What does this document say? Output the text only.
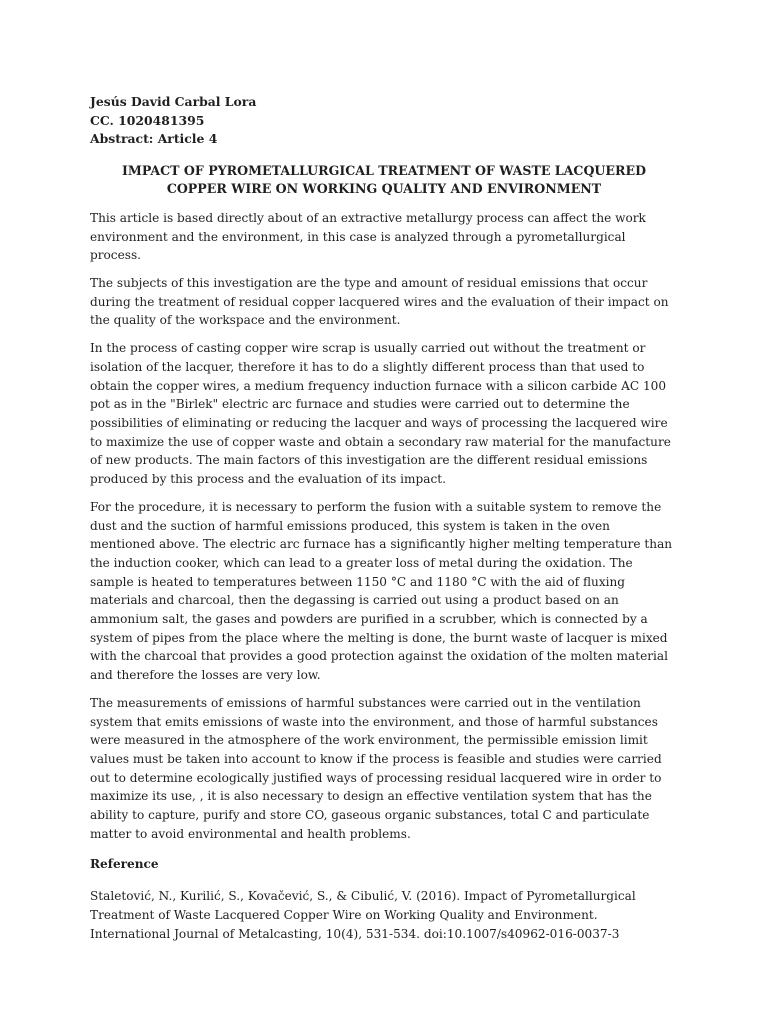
Jesús David Carbal Lora

CC. 1020481395

Abstract: Article 4

IMPACT OF PYROMETALLURGICAL TREATMENT OF WASTE LACQUERED COPPER WIRE ON WORKING QUALITY AND ENVIRONMENT

This article is based directly about of an extractive metallurgy process can affect the work environment and the environment, in this case is analyzed through a pyrometallurgical process.

The subjects of this investigation are the type and amount of residual emissions that occur during the treatment of residual copper lacquered wires and the evaluation of their impact on the quality of the workspace and the environment.

In the process of casting copper wire scrap is usually carried out without the treatment or isolation of the lacquer, therefore it has to do a slightly different process than that used to obtain the copper wires, a medium frequency induction furnace with a silicon carbide AC 100 pot as in the "Birlek" electric arc furnace and studies were carried out to determine the possibilities of eliminating or reducing the lacquer and ways of processing the lacquered wire to maximize the use of copper waste and obtain a secondary raw material for the manufacture of new products. The main factors of this investigation are the different residual emissions produced by this process and the evaluation of its impact.

For the procedure, it is necessary to perform the fusion with a suitable system to remove the dust and the suction of harmful emissions produced, this system is taken in the oven mentioned above. The electric arc furnace has a significantly higher melting temperature than the induction cooker, which can lead to a greater loss of metal during the oxidation. The sample is heated to temperatures between 1150 °C and 1180 °C with the aid of fluxing materials and charcoal, then the degassing is carried out using a product based on an ammonium salt, the gases and powders are purified in a scrubber, which is connected by a system of pipes from the place where the melting is done, the burnt waste of lacquer is mixed with the charcoal that provides a good protection against the oxidation of the molten material and therefore the losses are very low.

The measurements of emissions of harmful substances were carried out in the ventilation system that emits emissions of waste into the environment, and those of harmful substances were measured in the atmosphere of the work environment, the permissible emission limit values must be taken into account to know if the process is feasible and studies were carried out to determine ecologically justified ways of processing residual lacquered wire in order to maximize its use, , it is also necessary to design an effective ventilation system that has the ability to capture, purify and store CO, gaseous organic substances, total C and particulate matter to avoid environmental and health problems.

Reference

Staletović, N., Kurilić, S., Kovačević, S., & Cibulić, V. (2016). Impact of Pyrometallurgical Treatment of Waste Lacquered Copper Wire on Working Quality and Environment. International Journal of Metalcasting, 10(4), 531-534. doi:10.1007/s40962-016-0037-3
